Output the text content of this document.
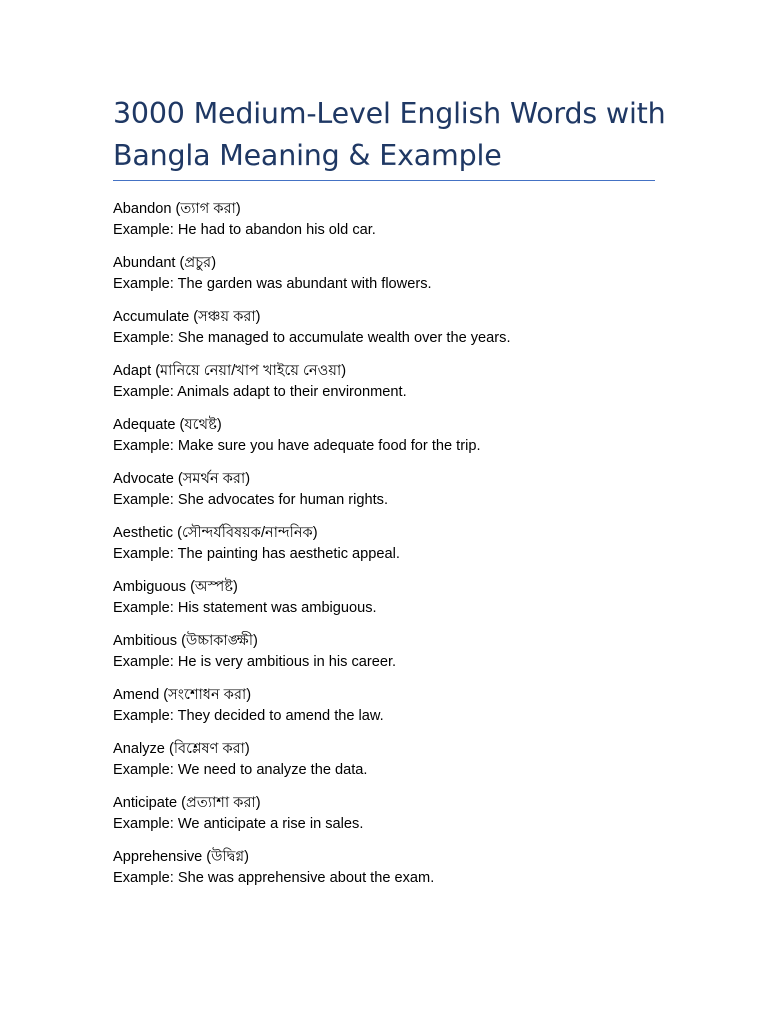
3000 Medium-Level English Words with
Bangla Meaning & Example
Abandon (ত্যাগ করা)
Example: He had to abandon his old car.
Abundant (প্রচুর)
Example: The garden was abundant with flowers.
Accumulate (সঞ্চয় করা)
Example: She managed to accumulate wealth over the years.
Adapt (মানিয়ে নেয়া/খাপ খাইয়ে নেওয়া)
Example: Animals adapt to their environment.
Adequate (যথেষ্ট)
Example: Make sure you have adequate food for the trip.
Advocate (সমর্থন করা)
Example: She advocates for human rights.
Aesthetic (সৌন্দর্যবিষয়ক/নান্দনিক)
Example: The painting has aesthetic appeal.
Ambiguous (অস্পষ্ট)
Example: His statement was ambiguous.
Ambitious (উচ্চাকাঙ্ক্ষী)
Example: He is very ambitious in his career.
Amend (সংশোধন করা)
Example: They decided to amend the law.
Analyze (বিশ্লেষণ করা)
Example: We need to analyze the data.
Anticipate (প্রত্যাশা করা)
Example: We anticipate a rise in sales.
Apprehensive (উদ্বিগ্ন)
Example: She was apprehensive about the exam.
